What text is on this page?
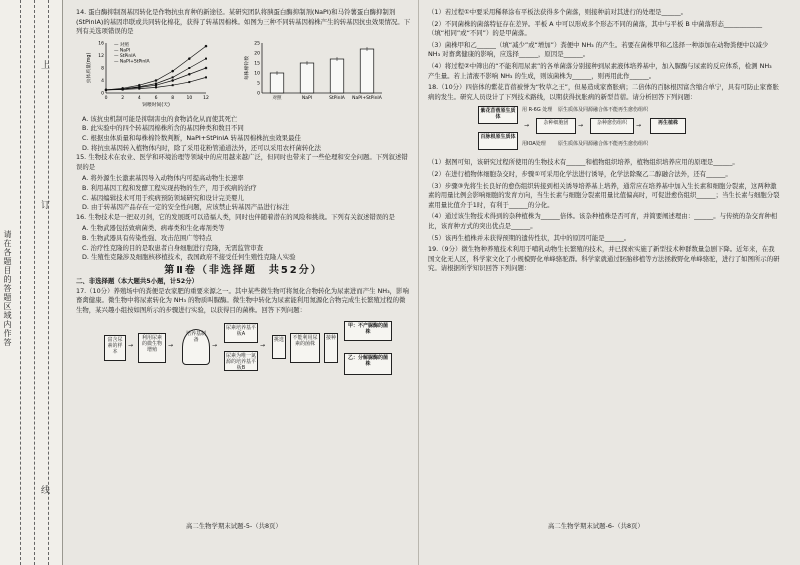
请在各题目的答题区域内作答
上
订
线

14. 蛋白酶抑制剂基因转化是作物抗虫育种的新途径。某研究团队将胰蛋白酶抑制剂(NaPI)和马铃薯蛋白酶抑制剂(StPinIA)的基因串联或共同转化棉花，获得了转基因棉株。如图为三种不同转基因棉株产生的转基因抗虫效果情况。下列有关选项错误的是

0	2	4	6	8	10 12
0
4
8
12
16
饲喂时间(天)
虫体质量(mg)
— 对照
— NaPI
— StPinIA
— NaPI+StPinIA
0
5
10
15
20
25
每株棉铃数
对照	NaPI	StPinIA NaPI+StPinIA

A. 该抗虫机制可能是抑制害虫的食物消化从而使其死亡

B. 此实验中的四个转基因棉株所含的基因种类和数目不同

C. 根据虫体质量和每株棉铃数判断，NaPI+StPinIA 转基因棉株抗虫效果最佳

D. 将抗虫基因转入植物体内时，除了采用花粉管通道法外，还可以采用农杆菌转化法

15. 生物技术在农业、医学和环境治理等领域中的应用越来越广泛，但同时也带来了一些伦理和安全问题。下列叙述错误的是

A. 将外源生长激素基因导入动物体内可提高动物生长速率

B. 利用基因工程和发酵工程实现药物的生产，用于疾病的治疗

C. 基因编辑技术可用于疾病预防领域研究和设计完美婴儿

D. 由于转基因产品存在一定的安全性问题，应该禁止转基因产品进行标注

16. 生物技术是一把双刃剑，它的发展既可以造福人类，同时也伴随着潜在的风险和挑战。下列有关叙述错误的是

A. 生物武器包括致病菌类、病毒类和生化毒剂类等

B. 生物武器具有传染性强、攻击范围广等特点

C. 治疗性克隆的目的是取患者自身细胞进行克隆，无需监管审查

D. 生殖性克隆涉及细胞核移植技术，我国政府不接受任何生殖性克隆人实验

第Ⅱ卷（非选择题　共52分）

二、非选择题（本大题共5小题，计52分）

17.（10分）养殖场中的粪便是农家肥的重要来源之一。其中某些微生物可将氮化合物转化为尿素进而产生 NH₃，影响畜禽健康。微生物中将尿素转化为 NH₃ 的物质叫脲酶。微生物中转化为尿素能利用氮源化合物完成生长繁殖过程的微生物，某兴趣小组按如图所示的步骤进行实验，以获得目的菌株。回答下列问题：

富含尿素的样本
→
利用尿素的微生物增殖
→
培养基制备
→
尿素培养基平板A
尿素为唯一氮源的培养基平板B
→
挑选	不能利用尿素的菌株
接种
甲：不产脲酶的菌株
乙：分解脲酶的菌株
高二生物学期末试题-5-（共8页）

（1）若过程①中要采用稀释涂布平板法获得多个菌落，则接种前对其进行的处理是______。

（2）不同菌株的菌落特征存在差异。平板 A 中可以形成多个形态不同的菌落，其中与平板 B 中菌落形态____________（填“相同”或“不同”）的是甲菌落。

（3）菌株甲和乙______（填“减少”或“增加”）粪便中 NH₃ 的产生。若要在菌株甲和乙选择一种添加在动物粪便中以减少 NH₃ 对畜禽健康的影响，应选择______，原因是______。

（4）将过程②中筛出的“不能利用尿素”的各单菌落分别接种到尿素液体培养基中，加入脲酶与尿素的反应体系，检测 NH₃ 产生量。若上清液不影响 NH₃ 的生成，则该菌株为______，则再用此作______。

18.（10分）四倍体的紫花苜蓿被誉为“牧草之王”，但易造成家畜胀病；二倍体的百脉根因富含缩合单宁，具有可防止家畜胀病的发生。研究人员设计了下列技术路线，以期获得抗胀病的新型苜蓿。请分析回答下列问题：

紫花苜蓿原生质体
百脉根原生质体
用 R-6G 处理
用IOA处理
原生质体及同源融合体不能再生愈伤组织
原生质体及同源融合体不能再生愈伤组织
→	杂种细胞团	→	杂种愈伤组织	→	再生植株

（1）据图可知，该研究过程所使用的生物技术有______和植物组织培养，植物组织培养应用的原理是______。

（2）在进行植物体细胞杂交时，步骤①可采用化学法进行诱导，化学法除聚乙二醇融合法外，还有______。

（3）步骤③先将生长良好的愈伤组织转接到相关诱导培养基上培养，通常应在培养基中加入生长素和细胞分裂素，这两种激素的用量比例会影响细胞的发育方向，当生长素与细胞分裂素用量比值偏高时，可促进愈伤组织______；当生长素与细胞分裂素用量比值介于1时，有利于______的分化。

（4）通过该生物技术得到的杂种植株为______倍体。该杂种植株是否可育，并简要阐述理由：______。与传统的杂交育种相比，该育种方式的突出优点是______。

（5）该再生植株并未获得预期的遗传性状，其中的原因可能是______。

19.（9分）微生物种养殖技术利用于哺乳动物生长繁殖的技术，并已探索实施了新型技术种群数量急剧下降。近年来，在我国文化无人区，科学家文化了小规模野化单峰骆驼群。科学家就通过胚胎移植等方法拯救野化单峰骆驼，进行了如图所示的研究。请根据所学知识回答下列问题：

高二生物学期末试题-6-（共8页）
